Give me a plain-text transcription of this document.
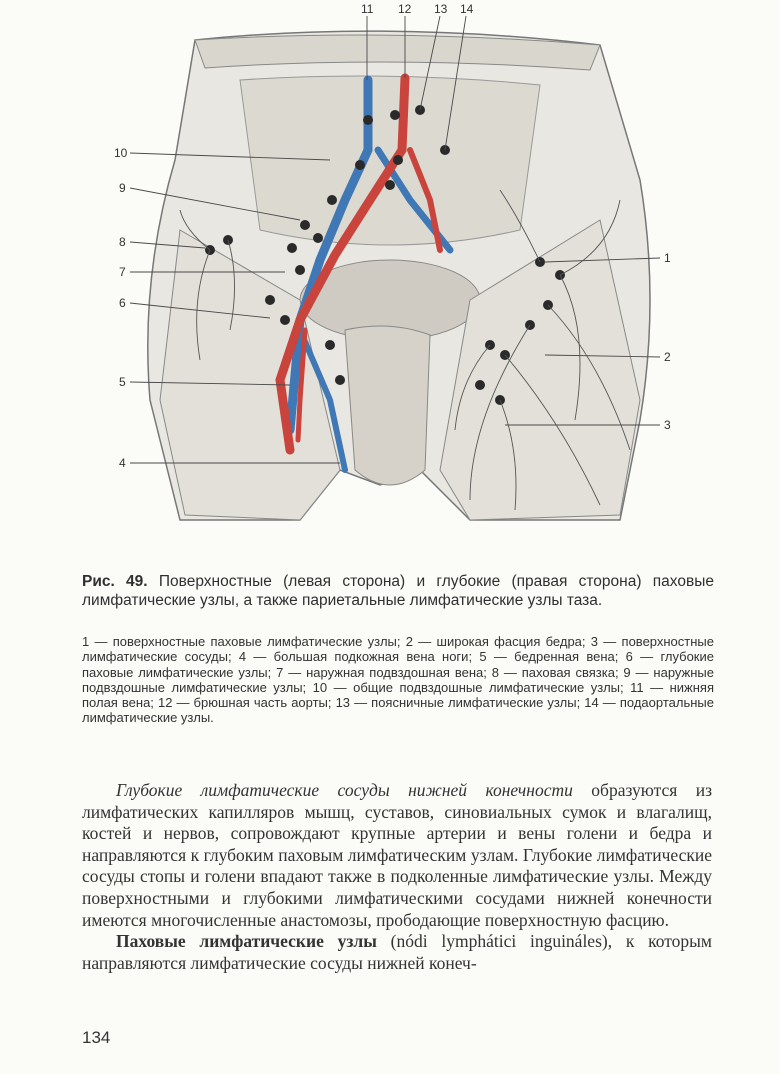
10
9
8
7
6
5
4
11 12 13 14
1
2
3
Рис. 49. Поверхностные (левая сторона) и глубокие (правая сторона) паховые лимфатические узлы, а также париетальные лимфатические узлы таза.
1 — поверхностные паховые лимфатические узлы; 2 — широкая фасция бедра; 3 — поверхностные лимфатические сосуды; 4 — большая подкожная вена ноги; 5 — бедренная вена; 6 — глубокие паховые лимфатические узлы; 7 — наружная подвздошная вена; 8 — паховая связка; 9 — наружные подвздошные лимфатические узлы; 10 — общие подвздошные лимфатические узлы; 11 — нижняя полая вена; 12 — брюшная часть аорты; 13 — поясничные лимфатические узлы; 14 — подаортальные лимфатические узлы.

Глубокие лимфатические сосуды нижней конечности образуются из лимфатических капилляров мышц, суставов, синовиальных сумок и влагалищ, костей и нервов, сопровождают крупные артерии и вены голени и бедра и направляются к глубоким паховым лимфатическим узлам. Глубокие лимфатические сосуды стопы и голени впадают также в подколенные лимфатические узлы. Между поверхностными и глубокими лимфатическими сосудами нижней конечности имеются многочисленные анастомозы, прободающие поверхностную фасцию.

Паховые лимфатические узлы (nódi lymphátici inguináles), к которым направляются лимфатические сосуды нижней конеч-

134
